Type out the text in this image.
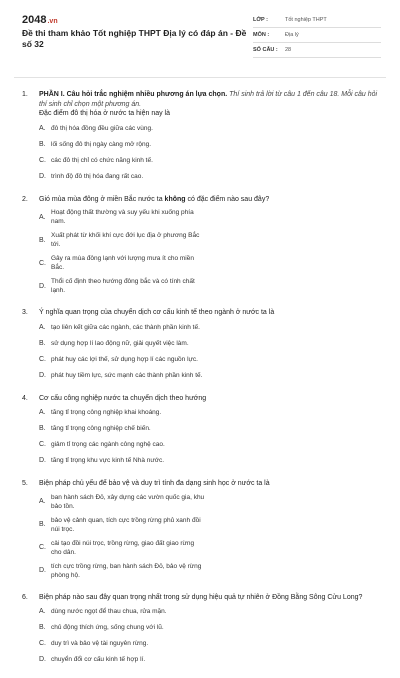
2048.vn
Đề thi tham khảo Tốt nghiệp THPT Địa lý có đáp án - Đề số 32
LỚP :	Tốt nghiệp THPT
MÔN :	Địa lý
SỐ CÂU :	28
1.	PHẦN I. Câu hỏi trắc nghiệm nhiều phương án lựa chọn. Thí sinh trả lời từ câu 1 đến câu 18. Mỗi câu hỏi thí sinh chỉ chọn một phương án.
Đặc điểm đô thị hóa ở nước ta hiện nay là
A. đô thị hóa đồng đều giữa các vùng.
B. lối sống đô thị ngày càng mở rộng.
C. các đô thị chỉ có chức năng kinh tế.
D. trình độ đô thị hóa đang rất cao.
2.	Gió mùa mùa đông ở miền Bắc nước ta không có đặc điểm nào sau đây?
A.
Hoạt động thất thường và suy yếu khi xuống phía nam.
B.
Xuất phát từ khối khí cực đới lục địa ở phương Bắc tới.
C.
Gây ra mùa đông lạnh với lượng mưa ít cho miền Bắc.
D.
Thổi cố định theo hướng đông bắc và có tính chất lạnh.
3.	Ý nghĩa quan trọng của chuyển dịch cơ cấu kinh tế theo ngành ở nước ta là
A. tạo liên kết giữa các ngành, các thành phần kinh tế.
B. sử dụng hợp lí lao động nữ, giải quyết việc làm.
C. phát huy các lợi thế, sử dụng hợp lí các nguồn lực.
D. phát huy tiềm lực, sức mạnh các thành phần kinh tế.
4.	Cơ cấu công nghiệp nước ta chuyển dịch theo hướng
A. tăng tỉ trọng công nghiệp khai khoáng.
B. tăng tỉ trọng công nghiệp chế biến.
C. giảm tỉ trọng các ngành công nghệ cao.
D. tăng tỉ trọng khu vực kinh tế Nhà nước.
5.	Biện pháp chủ yếu để bảo vệ và duy trì tính đa dạng sinh học ở nước ta là
A.
ban hành sách Đỏ, xây dựng các vườn quốc gia, khu bảo tồn.
B.
bảo vệ cảnh quan, tích cực trồng rừng phủ xanh đồi núi trọc.
C.
cải tạo đồi núi trọc, trồng rừng, giao đất giao rừng cho dân.
D.
tích cực trồng rừng, ban hành sách Đỏ, bảo vệ rừng phòng hộ.
6.	Biện pháp nào sau đây quan trọng nhất trong sử dụng hiệu quả tự nhiên ở Đồng Bằng Sông Cửu Long?
A. dùng nước ngọt để thau chua, rửa mặn.
B. chủ động thích ứng, sống chung với lũ.
C. duy trì và bảo vệ tài nguyên rừng.
D. chuyển đổi cơ cấu kinh tế hợp lí.
